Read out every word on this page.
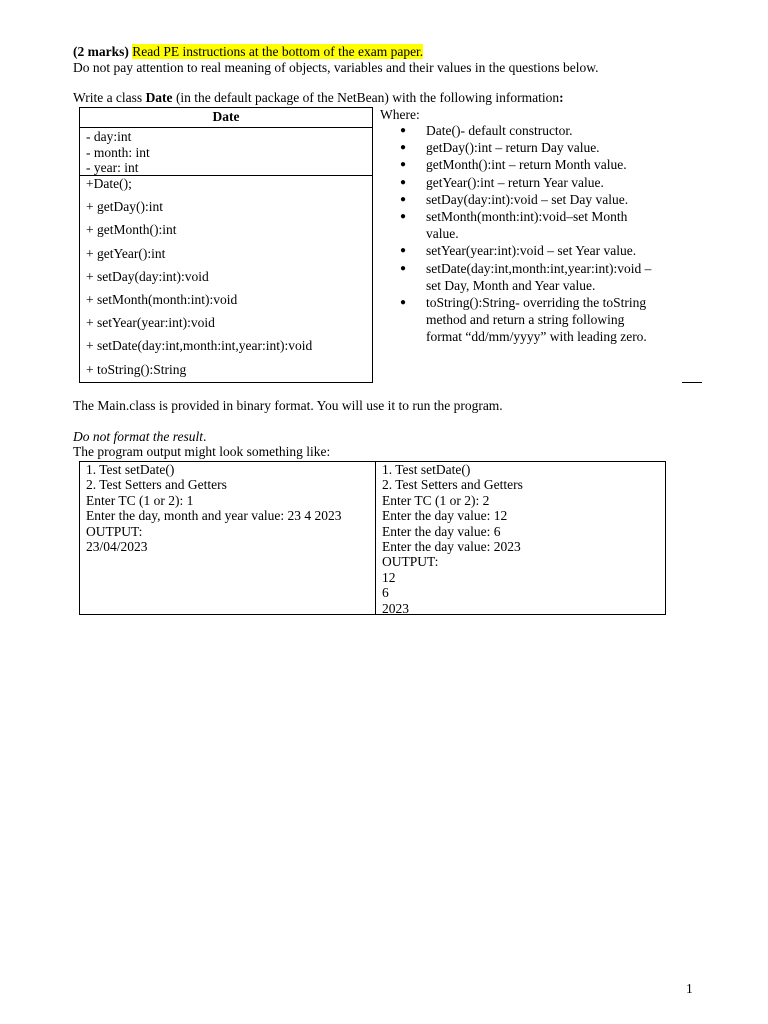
(2 marks) Read PE instructions at the bottom of the exam paper.
Do not pay attention to real meaning of objects, variables and their values in the questions below.
Write a class Date (in the default package of the NetBean) with the following information:
Date
- day:int
- month: int
- year: int
+Date();
+ getDay():int
+ getMonth():int
+ getYear():int
+ setDay(day:int):void
+ setMonth(month:int):void
+ setYear(year:int):void
+ setDate(day:int,month:int,year:int):void
+ toString():String
Where:
● Date()- default constructor.
● getDay():int – return Day value.
● getMonth():int – return Month value.
● getYear():int – return Year value.
● setDay(day:int):void – set Day value.
● setMonth(month:int):void–set Month
value.
● setYear(year:int):void – set Year value.
● setDate(day:int,month:int,year:int):void –
set Day, Month and Year value.
● toString():String- overriding the toString
method and return a string following
format “dd/mm/yyyy” with leading zero.
The Main.class is provided in binary format. You will use it to run the program.
Do not format the result.
The program output might look something like:
1. Test setDate()
2. Test Setters and Getters
Enter TC (1 or 2): 1
Enter the day, month and year value: 23 4 2023
OUTPUT:
23/04/2023
1. Test setDate()
2. Test Setters and Getters
Enter TC (1 or 2): 2
Enter the day value: 12
Enter the day value: 6
Enter the day value: 2023
OUTPUT:
12
6
2023
1
